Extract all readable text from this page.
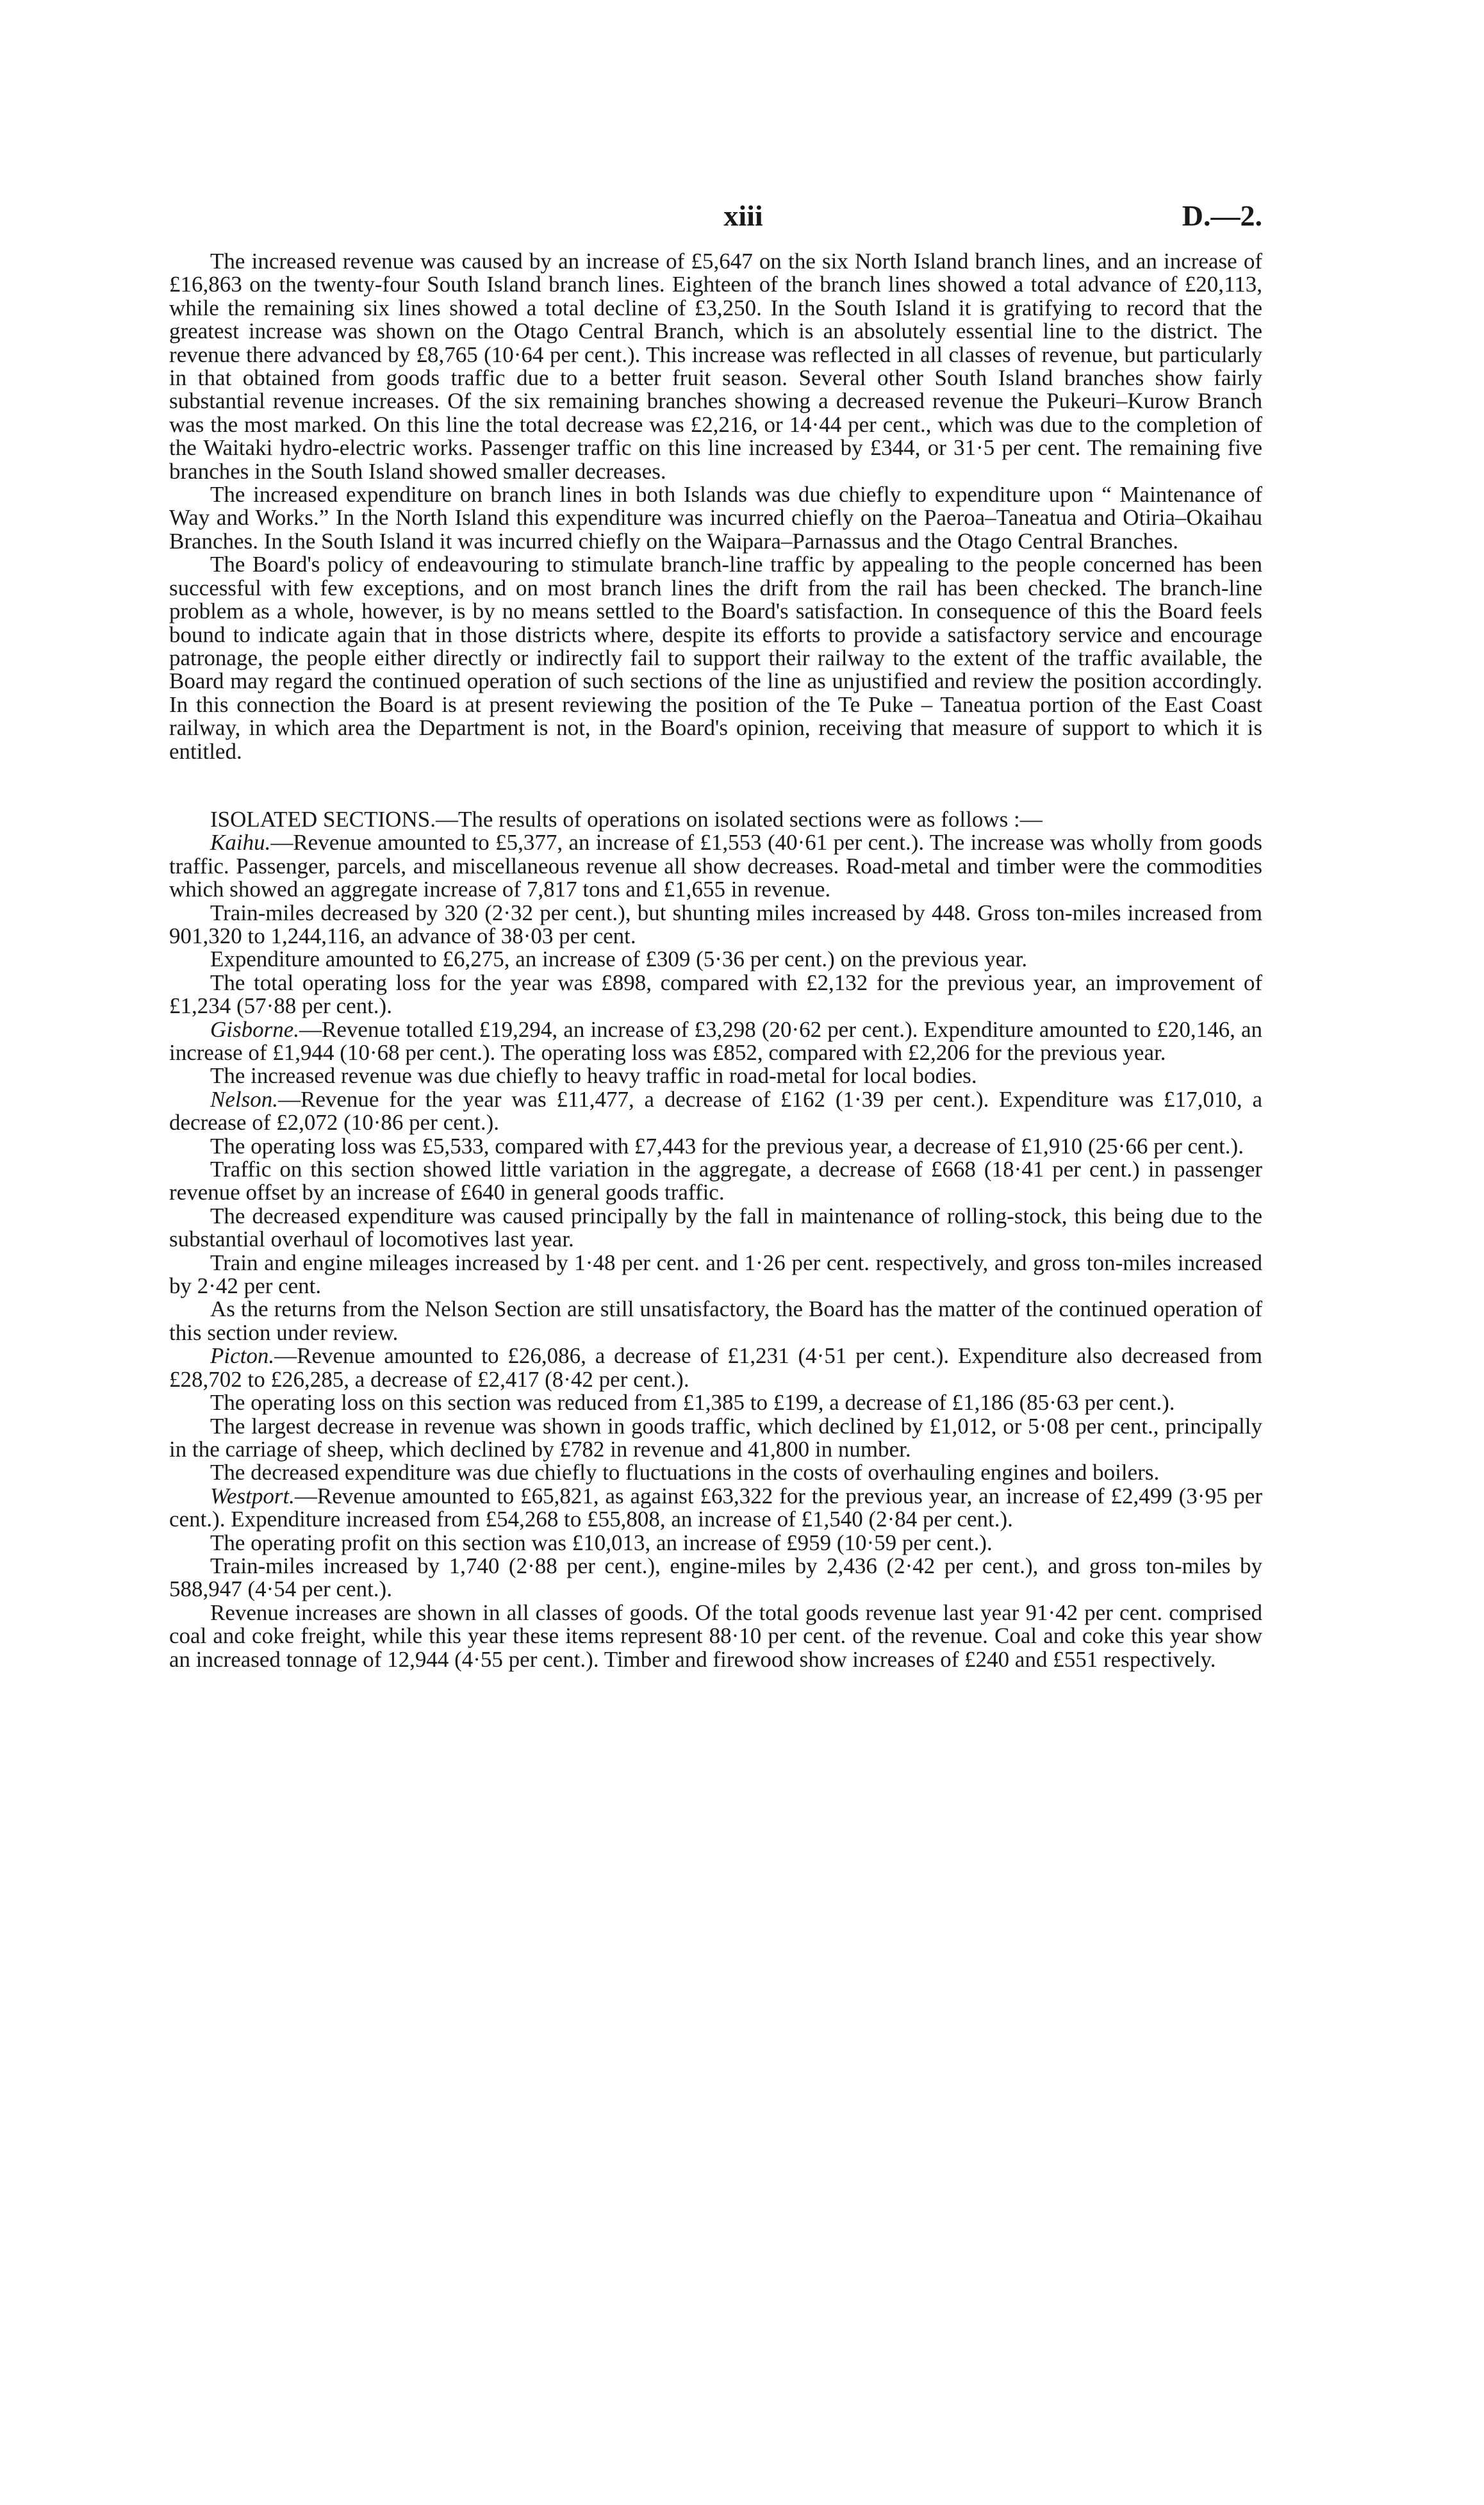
xiii	D.—2.

The increased revenue was caused by an increase of £5,647 on the six North Island branch lines, and an increase of £16,863 on the twenty-four South Island branch lines. Eighteen of the branch lines showed a total advance of £20,113, while the remaining six lines showed a total decline of £3,250. In the South Island it is gratifying to record that the greatest increase was shown on the Otago Central Branch, which is an absolutely essential line to the district. The revenue there advanced by £8,765 (10·64 per cent.). This increase was reflected in all classes of revenue, but particularly in that obtained from goods traffic due to a better fruit season. Several other South Island branches show fairly substantial revenue increases. Of the six remaining branches showing a decreased revenue the Pukeuri–Kurow Branch was the most marked. On this line the total decrease was £2,216, or 14·44 per cent., which was due to the completion of the Waitaki hydro-electric works. Passenger traffic on this line increased by £344, or 31·5 per cent. The remaining five branches in the South Island showed smaller decreases.

The increased expenditure on branch lines in both Islands was due chiefly to expenditure upon “ Maintenance of Way and Works.” In the North Island this expenditure was incurred chiefly on the Paeroa–Taneatua and Otiria–Okaihau Branches. In the South Island it was incurred chiefly on the Waipara–Parnassus and the Otago Central Branches.

The Board's policy of endeavouring to stimulate branch-line traffic by appealing to the people concerned has been successful with few exceptions, and on most branch lines the drift from the rail has been checked. The branch-line problem as a whole, however, is by no means settled to the Board's satisfaction. In consequence of this the Board feels bound to indicate again that in those districts where, despite its efforts to provide a satisfactory service and encourage patronage, the people either directly or indirectly fail to support their railway to the extent of the traffic available, the Board may regard the continued operation of such sections of the line as unjustified and review the position accordingly. In this connection the Board is at present reviewing the position of the Te Puke – Taneatua portion of the East Coast railway, in which area the Department is not, in the Board's opinion, receiving that measure of support to which it is entitled.

ISOLATED SECTIONS.—The results of operations on isolated sections were as follows :—

Kaihu.—Revenue amounted to £5,377, an increase of £1,553 (40·61 per cent.). The increase was wholly from goods traffic. Passenger, parcels, and miscellaneous revenue all show decreases. Road-metal and timber were the commodities which showed an aggregate increase of 7,817 tons and £1,655 in revenue.

Train-miles decreased by 320 (2·32 per cent.), but shunting miles increased by 448. Gross ton-miles increased from 901,320 to 1,244,116, an advance of 38·03 per cent.

Expenditure amounted to £6,275, an increase of £309 (5·36 per cent.) on the previous year.

The total operating loss for the year was £898, compared with £2,132 for the previous year, an improvement of £1,234 (57·88 per cent.).

Gisborne.—Revenue totalled £19,294, an increase of £3,298 (20·62 per cent.). Expenditure amounted to £20,146, an increase of £1,944 (10·68 per cent.). The operating loss was £852, compared with £2,206 for the previous year.

The increased revenue was due chiefly to heavy traffic in road-metal for local bodies.

Nelson.—Revenue for the year was £11,477, a decrease of £162 (1·39 per cent.). Expenditure was £17,010, a decrease of £2,072 (10·86 per cent.).

The operating loss was £5,533, compared with £7,443 for the previous year, a decrease of £1,910 (25·66 per cent.).

Traffic on this section showed little variation in the aggregate, a decrease of £668 (18·41 per cent.) in passenger revenue offset by an increase of £640 in general goods traffic.

The decreased expenditure was caused principally by the fall in maintenance of rolling-stock, this being due to the substantial overhaul of locomotives last year.

Train and engine mileages increased by 1·48 per cent. and 1·26 per cent. respectively, and gross ton-miles increased by 2·42 per cent.

As the returns from the Nelson Section are still unsatisfactory, the Board has the matter of the continued operation of this section under review.

Picton.—Revenue amounted to £26,086, a decrease of £1,231 (4·51 per cent.). Expenditure also decreased from £28,702 to £26,285, a decrease of £2,417 (8·42 per cent.).

The operating loss on this section was reduced from £1,385 to £199, a decrease of £1,186 (85·63 per cent.).

The largest decrease in revenue was shown in goods traffic, which declined by £1,012, or 5·08 per cent., principally in the carriage of sheep, which declined by £782 in revenue and 41,800 in number.

The decreased expenditure was due chiefly to fluctuations in the costs of overhauling engines and boilers.

Westport.—Revenue amounted to £65,821, as against £63,322 for the previous year, an increase of £2,499 (3·95 per cent.). Expenditure increased from £54,268 to £55,808, an increase of £1,540 (2·84 per cent.).

The operating profit on this section was £10,013, an increase of £959 (10·59 per cent.).

Train-miles increased by 1,740 (2·88 per cent.), engine-miles by 2,436 (2·42 per cent.), and gross ton-miles by 588,947 (4·54 per cent.).

Revenue increases are shown in all classes of goods. Of the total goods revenue last year 91·42 per cent. comprised coal and coke freight, while this year these items represent 88·10 per cent. of the revenue. Coal and coke this year show an increased tonnage of 12,944 (4·55 per cent.). Timber and firewood show increases of £240 and £551 respectively.
